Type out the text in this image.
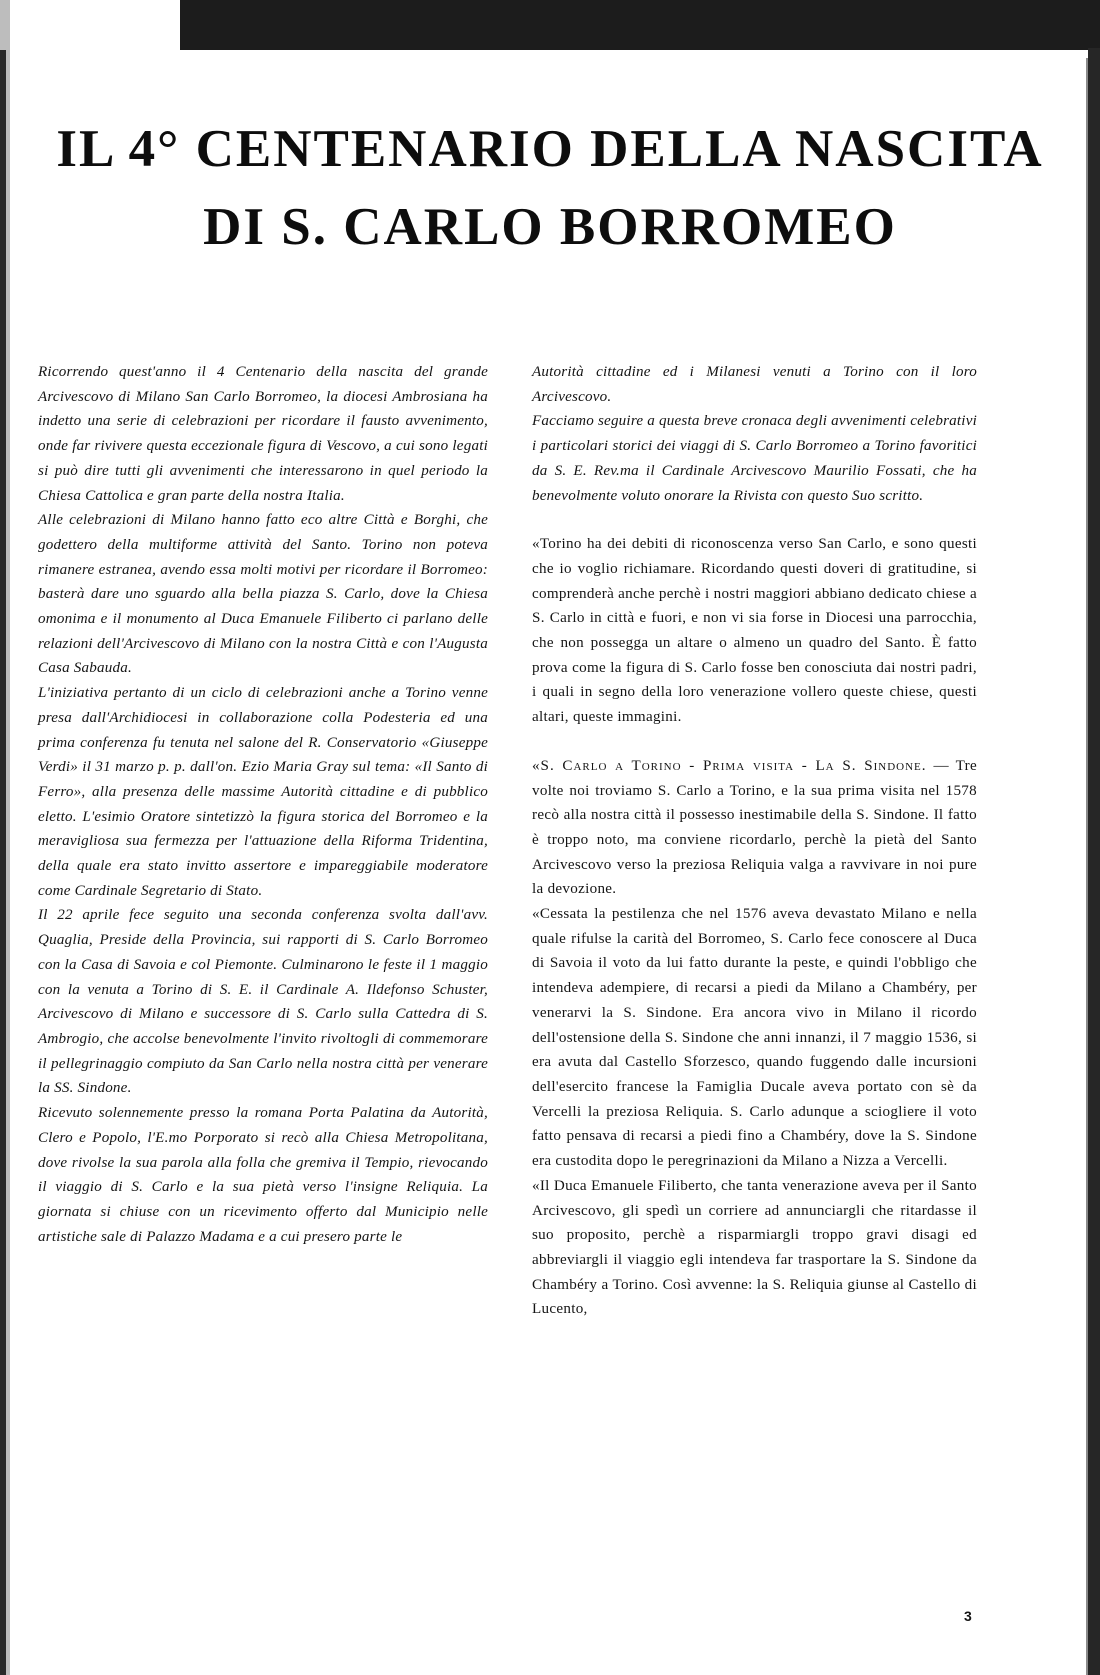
IL 4° CENTENARIO DELLA NASCITA
DI S. CARLO BORROMEO

Ricorrendo quest'anno il 4 Centenario della nascita del grande Arcivescovo di Milano San Carlo Borromeo, la diocesi Ambrosiana ha indetto una serie di celebrazioni per ricordare il fausto avvenimento, onde far rivivere questa eccezionale figura di Vescovo, a cui sono legati si può dire tutti gli avvenimenti che interessarono in quel periodo la Chiesa Cattolica e gran parte della nostra Italia.

Alle celebrazioni di Milano hanno fatto eco altre Città e Borghi, che godettero della multiforme attività del Santo. Torino non poteva rimanere estranea, avendo essa molti motivi per ricordare il Borromeo: basterà dare uno sguardo alla bella piazza S. Carlo, dove la Chiesa omonima e il monumento al Duca Emanuele Filiberto ci parlano delle relazioni dell'Arcivescovo di Milano con la nostra Città e con l'Augusta Casa Sabauda.

L'iniziativa pertanto di un ciclo di celebrazioni anche a Torino venne presa dall'Archidiocesi in collaborazione colla Podesteria ed una prima conferenza fu tenuta nel salone del R. Conservatorio «Giuseppe Verdi» il 31 marzo p. p. dall'on. Ezio Maria Gray sul tema: «Il Santo di Ferro», alla presenza delle massime Autorità cittadine e di pubblico eletto. L'esimio Oratore sintetizzò la figura storica del Borromeo e la meravigliosa sua fermezza per l'attuazione della Riforma Tridentina, della quale era stato invitto assertore e impareggiabile moderatore come Cardinale Segretario di Stato.

Il 22 aprile fece seguito una seconda conferenza svolta dall'avv. Quaglia, Preside della Provincia, sui rapporti di S. Carlo Borromeo con la Casa di Savoia e col Piemonte. Culminarono le feste il 1 maggio con la venuta a Torino di S. E. il Cardinale A. Ildefonso Schuster, Arcivescovo di Milano e successore di S. Carlo sulla Cattedra di S. Ambrogio, che accolse benevolmente l'invito rivoltogli di commemorare il pellegrinaggio compiuto da San Carlo nella nostra città per venerare la SS. Sindone.

Ricevuto solennemente presso la romana Porta Palatina da Autorità, Clero e Popolo, l'E.mo Porporato si recò alla Chiesa Metropolitana, dove rivolse la sua parola alla folla che gremiva il Tempio, rievocando il viaggio di S. Carlo e la sua pietà verso l'insigne Reliquia. La giornata si chiuse con un ricevimento offerto dal Municipio nelle artistiche sale di Palazzo Madama e a cui presero parte le

Autorità cittadine ed i Milanesi venuti a Torino con il loro Arcivescovo.

Facciamo seguire a questa breve cronaca degli avvenimenti celebrativi i particolari storici dei viaggi di S. Carlo Borromeo a Torino favoritici da S. E. Rev.ma il Cardinale Arcivescovo Maurilio Fossati, che ha benevolmente voluto onorare la Rivista con questo Suo scritto.

«Torino ha dei debiti di riconoscenza verso San Carlo, e sono questi che io voglio richiamare. Ricordando questi doveri di gratitudine, si comprenderà anche perchè i nostri maggiori abbiano dedicato chiese a S. Carlo in città e fuori, e non vi sia forse in Diocesi una parrocchia, che non possegga un altare o almeno un quadro del Santo. È fatto prova come la figura di S. Carlo fosse ben conosciuta dai nostri padri, i quali in segno della loro venerazione vollero queste chiese, questi altari, queste immagini.

«S. Carlo a Torino - Prima visita - La S. Sindone. — Tre volte noi troviamo S. Carlo a Torino, e la sua prima visita nel 1578 recò alla nostra città il possesso inestimabile della S. Sindone. Il fatto è troppo noto, ma conviene ricordarlo, perchè la pietà del Santo Arcivescovo verso la preziosa Reliquia valga a ravvivare in noi pure la devozione.

«Cessata la pestilenza che nel 1576 aveva devastato Milano e nella quale rifulse la carità del Borromeo, S. Carlo fece conoscere al Duca di Savoia il voto da lui fatto durante la peste, e quindi l'obbligo che intendeva adempiere, di recarsi a piedi da Milano a Chambéry, per venerarvi la S. Sindone. Era ancora vivo in Milano il ricordo dell'ostensione della S. Sindone che anni innanzi, il 7 maggio 1536, si era avuta dal Castello Sforzesco, quando fuggendo dalle incursioni dell'esercito francese la Famiglia Ducale aveva portato con sè da Vercelli la preziosa Reliquia. S. Carlo adunque a sciogliere il voto fatto pensava di recarsi a piedi fino a Chambéry, dove la S. Sindone era custodita dopo le peregrinazioni da Milano a Nizza a Vercelli.

«Il Duca Emanuele Filiberto, che tanta venerazione aveva per il Santo Arcivescovo, gli spedì un corriere ad annunciargli che ritardasse il suo proposito, perchè a risparmiargli troppo gravi disagi ed abbreviargli il viaggio egli intendeva far trasportare la S. Sindone da Chambéry a Torino. Così avvenne: la S. Reliquia giunse al Castello di Lucento,

3
